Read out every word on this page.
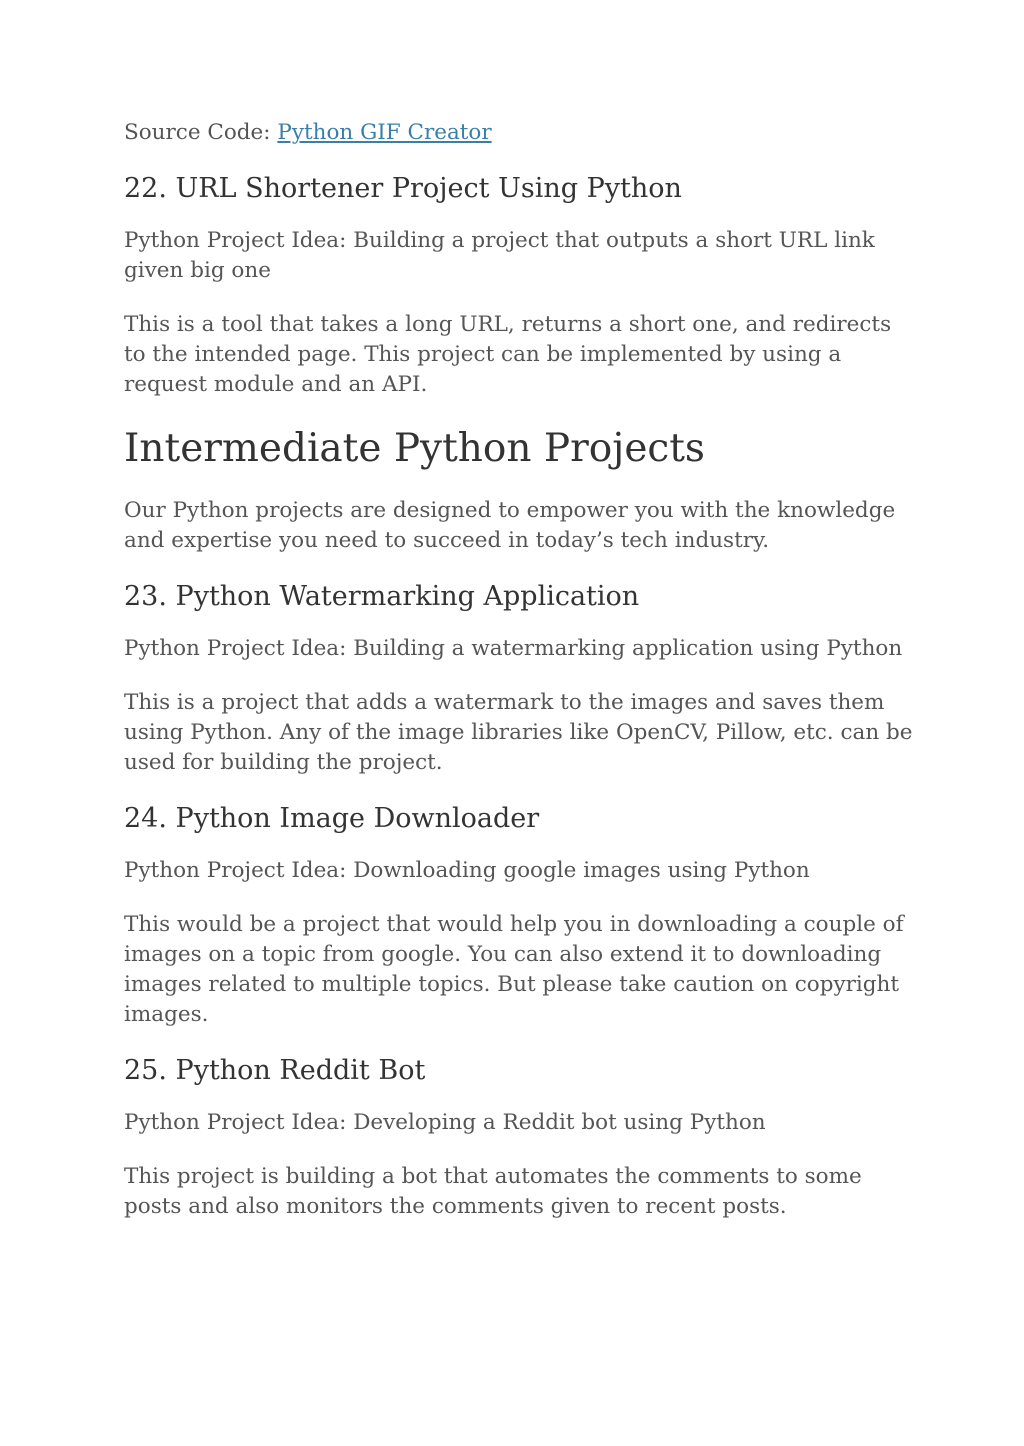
Source Code: Python GIF Creator

22. URL Shortener Project Using Python

Python Project Idea: Building a project that outputs a short URL link given big one

This is a tool that takes a long URL, returns a short one, and redirects to the intended page. This project can be implemented by using a request module and an API.

Intermediate Python Projects

Our Python projects are designed to empower you with the knowledge and expertise you need to succeed in today’s tech industry.

23. Python Watermarking Application

Python Project Idea: Building a watermarking application using Python

This is a project that adds a watermark to the images and saves them using Python. Any of the image libraries like OpenCV, Pillow, etc. can be used for building the project.

24. Python Image Downloader

Python Project Idea: Downloading google images using Python

This would be a project that would help you in downloading a couple of images on a topic from google. You can also extend it to downloading images related to multiple topics. But please take caution on copyright images.

25. Python Reddit Bot

Python Project Idea: Developing a Reddit bot using Python

This project is building a bot that automates the comments to some posts and also monitors the comments given to recent posts.
